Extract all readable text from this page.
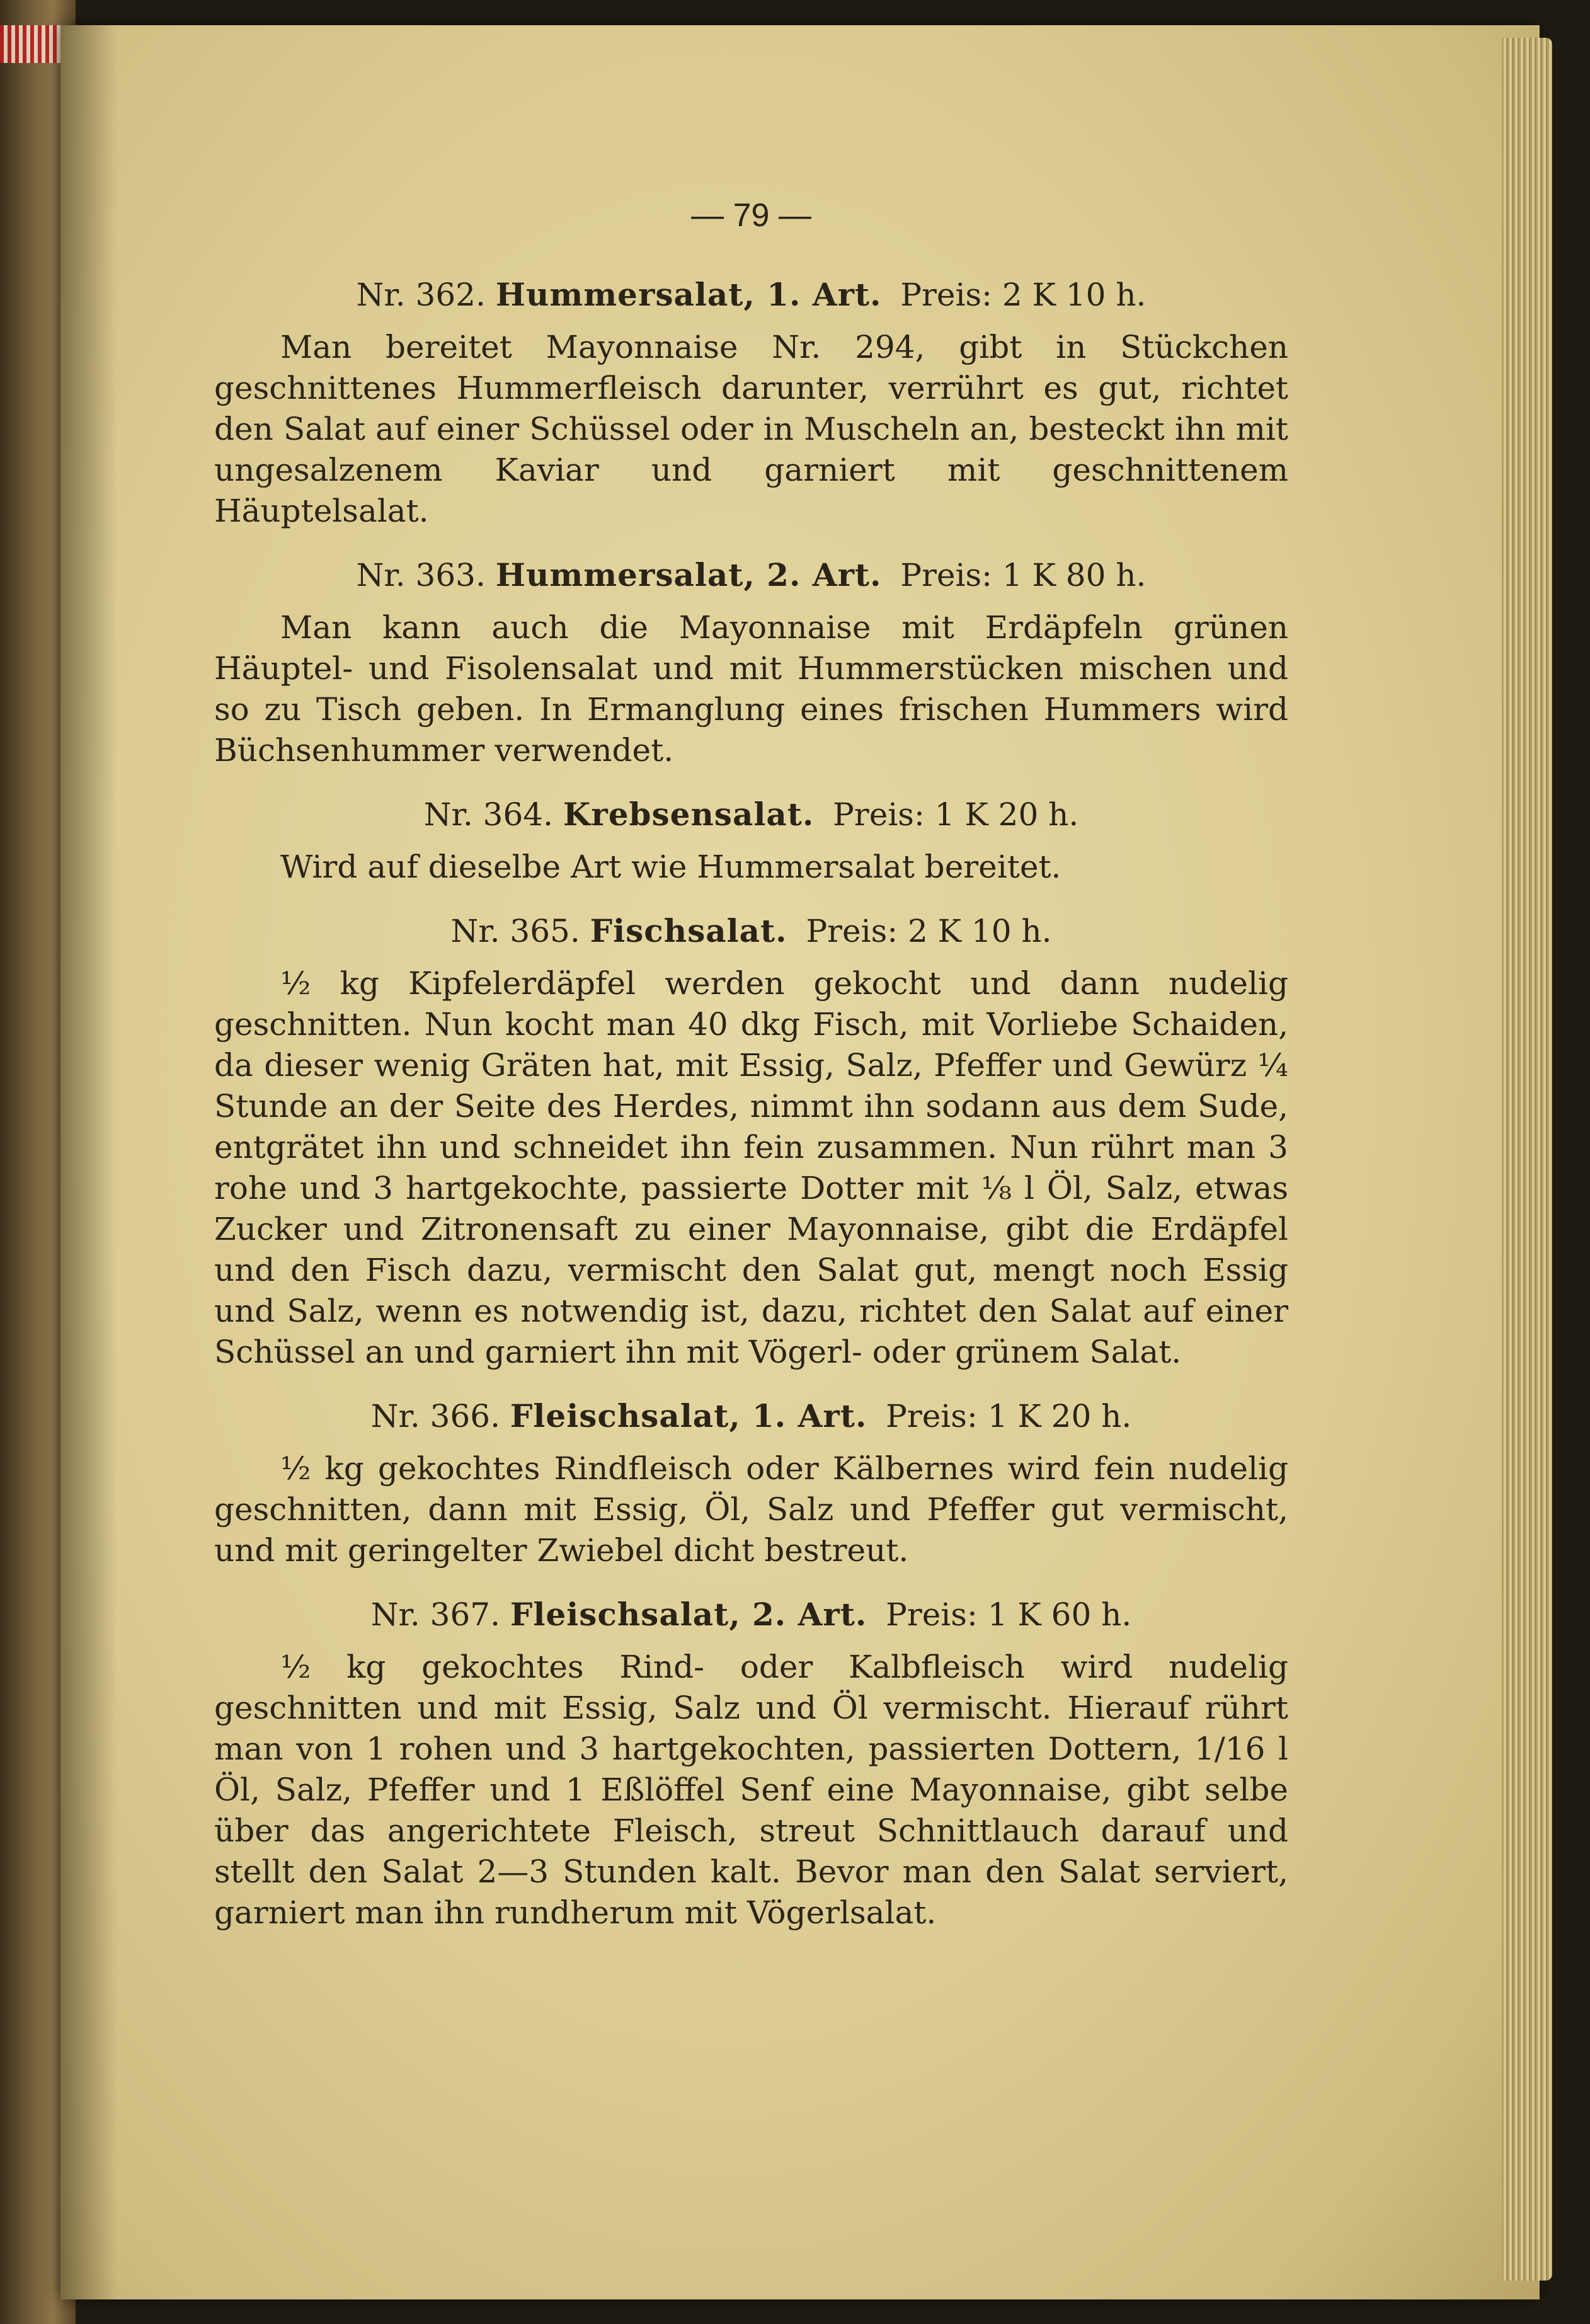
— 79 —
Nr. 362. Hummersalat, 1. Art. Preis: 2 K 10 h.

Man bereitet Mayonnaise Nr. 294, gibt in Stückchen geschnittenes Hummerfleisch darunter, verrührt es gut, richtet den Salat auf einer Schüssel oder in Muscheln an, besteckt ihn mit ungesalzenem Kaviar und garniert mit geschnittenem Häuptelsalat.

Nr. 363. Hummersalat, 2. Art. Preis: 1 K 80 h.

Man kann auch die Mayonnaise mit Erdäpfeln grünen Häuptel- und Fisolensalat und mit Hummerstücken mischen und so zu Tisch geben. In Ermanglung eines frischen Hummers wird Büchsenhummer verwendet.

Nr. 364. Krebsensalat. Preis: 1 K 20 h.

Wird auf dieselbe Art wie Hummersalat bereitet.

Nr. 365. Fischsalat. Preis: 2 K 10 h.

½ kg Kipfelerdäpfel werden gekocht und dann nudelig geschnitten. Nun kocht man 40 dkg Fisch, mit Vorliebe Schaiden, da dieser wenig Gräten hat, mit Essig, Salz, Pfeffer und Gewürz ¼ Stunde an der Seite des Herdes, nimmt ihn sodann aus dem Sude, entgrätet ihn und schneidet ihn fein zusammen. Nun rührt man 3 rohe und 3 hartgekochte, passierte Dotter mit ⅛ l Öl, Salz, etwas Zucker und Zitronensaft zu einer Mayonnaise, gibt die Erdäpfel und den Fisch dazu, vermischt den Salat gut, mengt noch Essig und Salz, wenn es notwendig ist, dazu, richtet den Salat auf einer Schüssel an und garniert ihn mit Vögerl- oder grünem Salat.

Nr. 366. Fleischsalat, 1. Art. Preis: 1 K 20 h.

½ kg gekochtes Rindfleisch oder Kälbernes wird fein nudelig geschnitten, dann mit Essig, Öl, Salz und Pfeffer gut vermischt, und mit geringelter Zwiebel dicht bestreut.

Nr. 367. Fleischsalat, 2. Art. Preis: 1 K 60 h.

½ kg gekochtes Rind- oder Kalbfleisch wird nudelig geschnitten und mit Essig, Salz und Öl vermischt. Hierauf rührt man von 1 rohen und 3 hartgekochten, passierten Dottern, 1/16 l Öl, Salz, Pfeffer und 1 Eßlöffel Senf eine Mayonnaise, gibt selbe über das angerichtete Fleisch, streut Schnittlauch darauf und stellt den Salat 2—3 Stunden kalt. Bevor man den Salat serviert, garniert man ihn rundherum mit Vögerlsalat.
